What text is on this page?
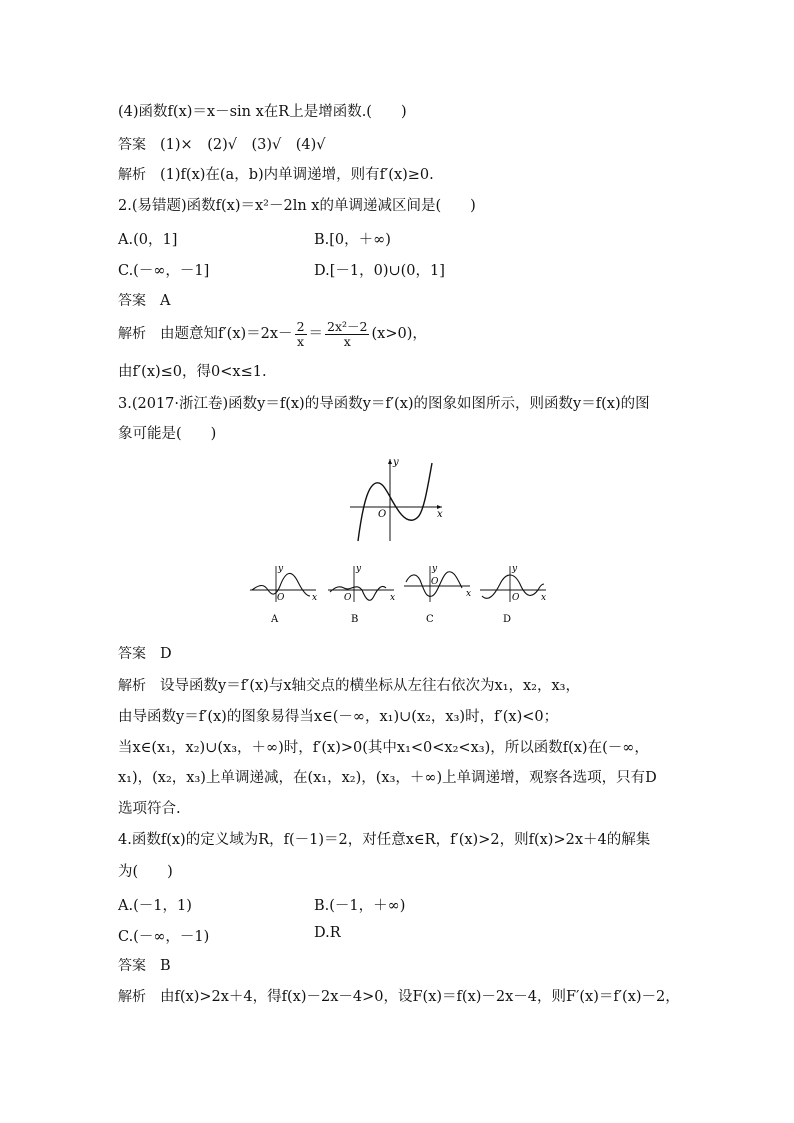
(4)函数f(x)＝x－sin x在R上是增函数.(　　)
答案 (1)×　(2)√　(3)√　(4)√
解析 (1)f(x)在(a，b)内单调递增，则有f′(x)≥0.
2.(易错题)函数f(x)＝x²－2ln x的单调递减区间是(　　)
A.(0，1]	B.[0，＋∞)
C.(－∞，－1]	D.[－1，0)∪(0，1]
答案 A
解析 由题意知$f'(x)=2x- \frac{2}{x} = \frac{\text{2x²－2}}{x} (x>0)$，
由f′(x)≤0，得0<x≤1.
3.(2017·浙江卷)函数y＝f(x)的导函数y＝f′(x)的图象如图所示，则函数y＝f(x)的图
象可能是(　　)
y
x
O
y
x
O
A
y
x
O
B
y
x
O
C
y
x
O
D
答案 D
解析 设导函数y＝f′(x)与x轴交点的横坐标从左往右依次为x₁，x₂，x₃，
由导函数y＝f′(x)的图象易得当x∈(－∞，x₁)∪(x₂，x₃)时，f′(x)<0；
当x∈(x₁，x₂)∪(x₃，＋∞)时，f′(x)>0(其中x₁<0<x₂<x₃)，所以函数f(x)在(－∞，
x₁)，(x₂，x₃)上单调递减，在(x₁，x₂)，(x₃，＋∞)上单调递增，观察各选项，只有D
选项符合.
4.函数f(x)的定义域为R，f(－1)＝2，对任意x∈R，f′(x)>2，则f(x)>2x＋4的解集
为(　　)
A.(－1，1)	B.(－1，＋∞)
C.(－∞，－1)	D.R
答案 B
解析 由f(x)>2x＋4，得f(x)－2x－4>0，设F(x)＝f(x)－2x－4，则F′(x)＝f′(x)－2，
